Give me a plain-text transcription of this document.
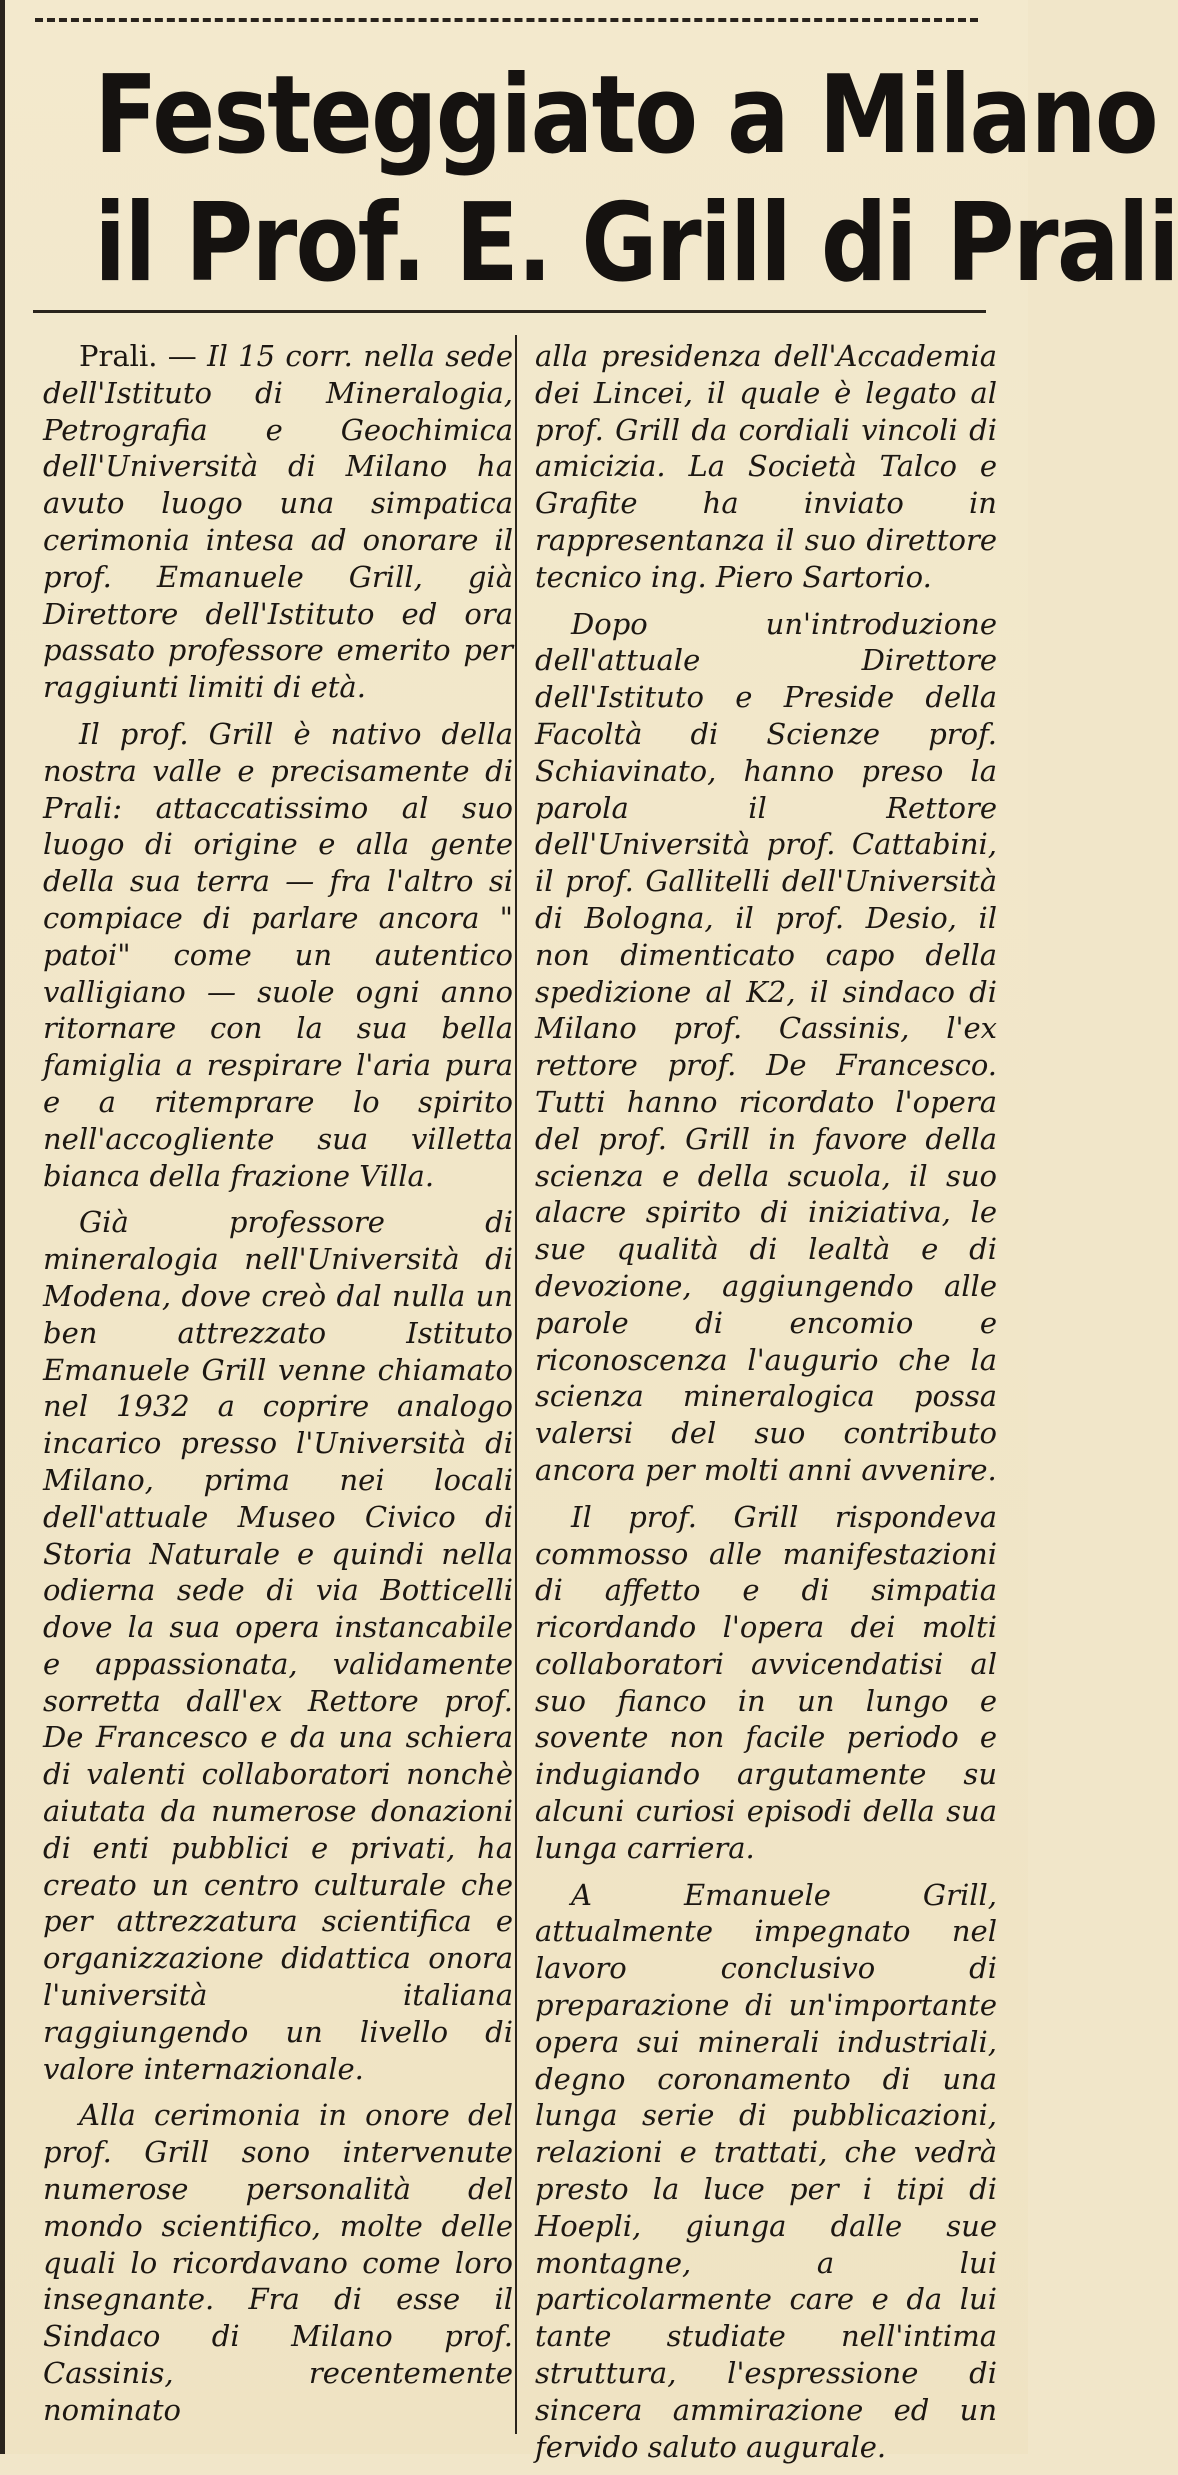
Festeggiato a Milano
il Prof. E. Grill di Prali

Prali. — Il 15 corr. nella sede dell'Istituto di Mineralogia, Petrografia e Geochimica dell'Università di Milano ha avuto luogo una simpatica cerimonia intesa ad onorare il prof. Emanuele Grill, già Direttore dell'Istituto ed ora passato professore emerito per raggiunti limiti di età.

Il prof. Grill è nativo della nostra valle e precisamente di Prali: attaccatissimo al suo luogo di origine e alla gente della sua terra — fra l'altro si compiace di parlare ancora " patoi" come un autentico valligiano — suole ogni anno ritornare con la sua bella famiglia a respirare l'aria pura e a ritemprare lo spirito nell'accogliente sua villetta bianca della frazione Villa.

Già professore di mineralogia nell'Università di Modena, dove creò dal nulla un ben attrezzato Istituto Emanuele Grill venne chiamato nel 1932 a coprire analogo incarico presso l'Università di Milano, prima nei locali dell'attuale Museo Civico di Storia Naturale e quindi nella odierna sede di via Botticelli dove la sua opera instancabile e appassionata, validamente sorretta dall'ex Rettore prof. De Francesco e da una schiera di valenti collaboratori nonchè aiutata da numerose donazioni di enti pubblici e privati, ha creato un centro culturale che per attrezzatura scientifica e organizzazione didattica onora l'università italiana raggiungendo un livello di valore internazionale.

Alla cerimonia in onore del prof. Grill sono intervenute numerose personalità del mondo scientifico, molte delle quali lo ricordavano come loro insegnante. Fra di esse il Sindaco di Milano prof. Cassinis, recentemente nominato

alla presidenza dell'Accademia dei Lincei, il quale è legato al prof. Grill da cordiali vincoli di amicizia. La Società Talco e Grafite ha inviato in rappresentanza il suo direttore tecnico ing. Piero Sartorio.

Dopo un'introduzione dell'attuale Direttore dell'Istituto e Preside della Facoltà di Scienze prof. Schiavinato, hanno preso la parola il Rettore dell'Università prof. Cattabini, il prof. Gallitelli dell'Università di Bologna, il prof. Desio, il non dimenticato capo della spedizione al K2, il sindaco di Milano prof. Cassinis, l'ex rettore prof. De Francesco. Tutti hanno ricordato l'opera del prof. Grill in favore della scienza e della scuola, il suo alacre spirito di iniziativa, le sue qualità di lealtà e di devozione, aggiungendo alle parole di encomio e riconoscenza l'augurio che la scienza mineralogica possa valersi del suo contributo ancora per molti anni avvenire.

Il prof. Grill rispondeva commosso alle manifestazioni di affetto e di simpatia ricordando l'opera dei molti collaboratori avvicendatisi al suo fianco in un lungo e sovente non facile periodo e indugiando argutamente su alcuni curiosi episodi della sua lunga carriera.

A Emanuele Grill, attualmente impegnato nel lavoro conclusivo di preparazione di un'importante opera sui minerali industriali, degno coronamento di una lunga serie di pubblicazioni, relazioni e trattati, che vedrà presto la luce per i tipi di Hoepli, giunga dalle sue montagne, a lui particolarmente care e da lui tante studiate nell'intima struttura, l'espressione di sincera ammirazione ed un fervido saluto augurale.
